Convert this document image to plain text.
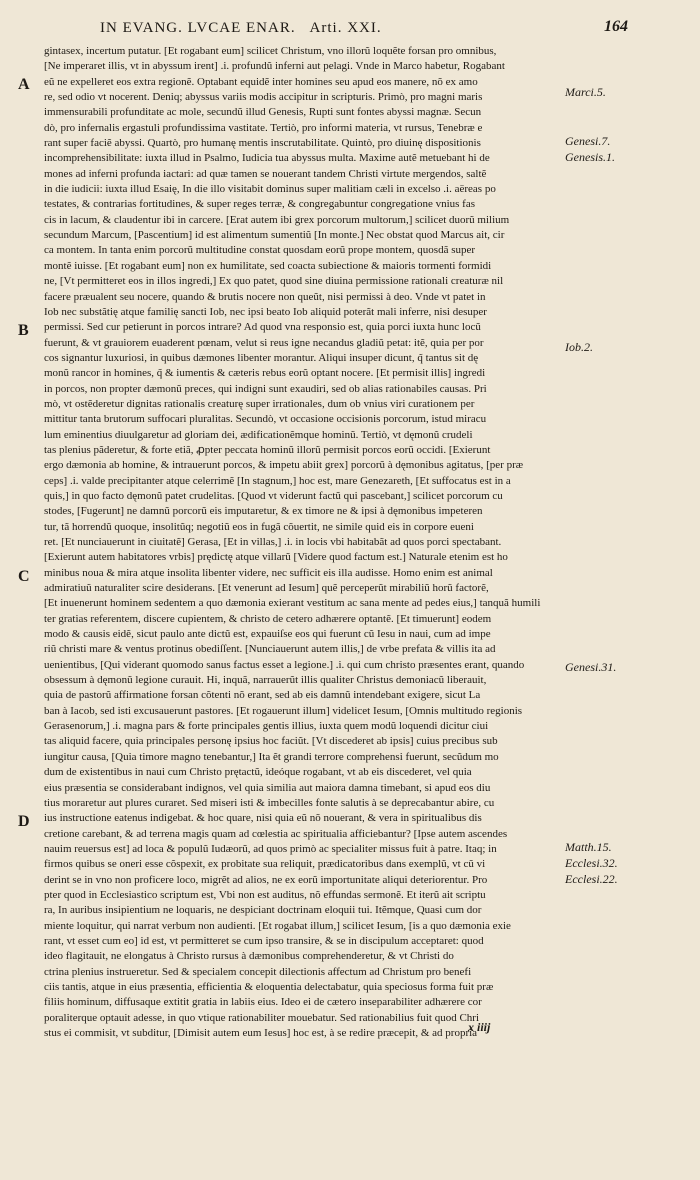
IN EVANG. LVCAE ENAR. Arti. XXI.	164
A
B
C
D
Marci.5.
Genesi.7.
Genesis.1.
Iob.2.
Genesi.31.
Matth.15.
Ecclesi.32.
Ecclesi.22.
gintasex, incertum putatur. [Et rogabant eum] scilicet Christum, vno illorũ loquẽte forsan pro omnibus,
[Ne imperaret illis, vt in abyssum irent] .i. profundũ inferni aut pelagi. Vnde in Marco habetur, Rogabant
eũ ne expelleret eos extra regionẽ. Optabant equidẽ inter homines seu apud eos manere, nõ ex amo
re, sed odio vt nocerent. Deniq; abyssus variis modis accipitur in scripturis. Primò, pro magni maris
immensurabili profunditate ac mole, secundũ illud Genesis, Rupti sunt fontes abyssi magnæ. Secun
dò, pro infernalis ergastuli profundissima vastitate. Tertiò, pro informi materia, vt rursus, Tenebræ e
rant super faciẽ abyssi. Quartò, pro humanę mentis inscrutabilitate. Quintò, pro diuinę dispositionis
incomprehensibilitate: iuxta illud in Psalmo, Iudicia tua abyssus multa. Maxime autẽ metuebant hi de
mones ad inferni profunda iactari: ad quæ tamen se nouerant tandem Christi virtute mergendos, saltẽ
in die iudicii: iuxta illud Esaię, In die illo visitabit dominus super malitiam cæli in excelso .i. aëreas po
testates, & contrarias fortitudines, & super reges terræ, & congregabuntur congregatione vnius fas
cis in lacum, & claudentur ibi in carcere. [Erat autem ibi grex porcorum multorum,] scilicet duorũ milium
secundum Marcum, [Pascentium] id est alimentum sumentiũ [In monte.] Nec obstat quod Marcus ait, cir
ca montem. In tanta enim porcorũ multitudine constat quosdam eorũ prope montem, quosdã super
montẽ iuisse. [Et rogabant eum] non ex humilitate, sed coacta subiectione & maioris tormenti formidi
ne, [Vt permitteret eos in illos ingredi,] Ex quo patet, quod sine diuina permissione rationali creaturæ nil
facere præualent seu nocere, quando & brutis nocere non queũt, nisi permissi à deo. Vnde vt patet in
Iob nec substãtię atque familię sancti Iob, nec ipsi beato Iob aliquid poterãt mali inferre, nisi desuper
permissi. Sed cur petierunt in porcos intrare? Ad quod vna responsio est, quia porci iuxta hunc locũ
fuerunt, & vt grauiorem euaderent pœnam, velut si reus igne necandus gladiũ petat: itẽ, quia per por
cos signantur luxuriosi, in quibus dæmones libenter morantur. Aliqui insuper dicunt, q̃ tantus sit dę
monũ rancor in homines, q̃ & iumentis & cæteris rebus eorũ optant nocere. [Et permisit illis] ingredi
in porcos, non propter dæmonũ preces, qui indigni sunt exaudiri, sed ob alias rationabiles causas. Pri
mò, vt ostẽderetur dignitas rationalis creaturę super irrationales, dum ob vnius viri curationem per
mittitur tanta brutorum suffocari pluralitas. Secundò, vt occasione occisionis porcorum, istud miracu
lum eminentius diuulgaretur ad gloriam dei, ædificationẽmque hominũ. Tertiò, vt dęmonũ crudeli
tas plenius pãderetur, & forte etiã, ꝓpter peccata hominũ illorũ permisit porcos eorũ occidi. [Exierunt
ergo dæmonia ab homine, & intrauerunt porcos, & impetu abiit grex] porcorũ à dęmonibus agitatus, [per præ
ceps] .i. valde precipitanter atque celerrimẽ [In stagnum,] hoc est, mare Genezareth, [Et suffocatus est in a
quis,] in quo facto dęmonũ patet crudelitas. [Quod vt viderunt factũ qui pascebant,] scilicet porcorum cu
stodes, [Fugerunt] ne damnũ porcorũ eis imputaretur, & ex timore ne & ipsi à dęmonibus impeteren
tur, tã horrendũ quoque, insolitũq; negotiũ eos in fugã cõuertit, ne simile quid eis in corpore eueni
ret. [Et nunciauerunt in ciuitatẽ] Gerasa, [Et in villas,] .i. in locis vbi habitabãt ad quos porci spectabant.
[Exierunt autem habitatores vrbis] prędictę atque villarũ [Videre quod factum est.] Naturale etenim est ho
minibus noua & mira atque insolita libenter videre, nec sufficit eis illa audisse. Homo enim est animal
admiratiuũ naturaliter scire desiderans. [Et venerunt ad Iesum] quẽ perceperũt mirabiliũ horũ factorẽ,
[Et inuenerunt hominem sedentem a quo dæmonia exierant vestitum ac sana mente ad pedes eius,] tanquã humili
ter gratias referentem, discere cupientem, & christo de cetero adhærere optantẽ. [Et timuerunt] eodem
modo & causis eidẽ, sicut paulo ante dictũ est, expauiſse eos qui fuerunt cũ Iesu in naui, cum ad impe
riũ christi mare & ventus protinus obediſſent. [Nunciauerunt autem illis,] de vrbe prefata & villis ita ad
uenientibus, [Qui viderant quomodo sanus factus esset a legione.] .i. qui cum christo præsentes erant, quando
obsessum à dęmonũ legione curauit. Hi, inquã, narrauerũt illis qualiter Christus demoniacũ liberauit,
quia de pastorũ affirmatione forsan cõtenti nõ erant, sed ab eis damnũ intendebant exigere, sicut La
ban à Iacob, sed isti excusauerunt pastores. [Et rogauerunt illum] videlicet Iesum, [Omnis multitudo regionis
Gerasenorum,] .i. magna pars & forte principales gentis illius, iuxta quem modũ loquendi dicitur ciui
tas aliquid facere, quia principales personę ipsius hoc faciũt. [Vt discederet ab ipsis] cuius precibus sub
iungitur causa, [Quia timore magno tenebantur,] Ita ẽt grandi terrore comprehensi fuerunt, secũdum mo
dum de existentibus in naui cum Christo prętactũ, ideóque rogabant, vt ab eis discederet, vel quia
eius præsentia se considerabant indignos, vel quia similia aut maiora damna timebant, si apud eos diu
tius moraretur aut plures curaret. Sed miseri isti & imbecilles fonte salutis à se deprecabantur abire, cu
ius instructione eatenus indigebat. & hoc quare, nisi quia eũ nõ nouerant, & vera in spiritualibus dis
cretione carebant, & ad terrena magis quam ad cœlestia ac spiritualia afficiebantur? [Ipse autem ascendes
nauim reuersus est] ad loca & populũ Iudæorũ, ad quos primò ac specialiter missus fuit à patre. Itaq; in
firmos quibus se oneri esse cõspexit, ex probitate sua reliquit, prædicatoribus dans exemplũ, vt cũ vi
derint se in vno non proficere loco, migrẽt ad alios, ne ex eorũ importunitate aliqui deteriorentur. Pro
pter quod in Ecclesiastico scriptum est, Vbi non est auditus, nõ effundas sermonẽ. Et iterũ ait scriptu
ra, In auribus insipientium ne loquaris, ne despiciant doctrinam eloquii tui. Itẽmque, Quasi cum dor
miente loquitur, qui narrat verbum non audienti. [Et rogabat illum,] scilicet Iesum, [is a quo dæmonia exie
rant, vt esset cum eo] id est, vt permitteret se cum ipso transire, & se in discipulum acceptaret: quod
ideo flagitauit, ne elongatus à Christo rursus à dæmonibus comprehenderetur, & vt Christi do
ctrina plenius instrueretur. Sed & specialem concepit dilectionis affectum ad Christum pro benefi
ciis tantis, atque in eius præsentia, efficientia & eloquentia delectabatur, quia speciosus forma fuit præ
filiis hominum, diffusaque extitit gratia in labiis eius. Ideo ei de cætero inseparabiliter adhærere cor
poraliterque optauit adesse, in quo vtique rationabiliter mouebatur. Sed rationabilius fuit quod Chri
stus ei commisit, vt subditur, [Dimisit autem eum Iesus] hoc est, à se redire præcepit, & ad propria
x iiij
